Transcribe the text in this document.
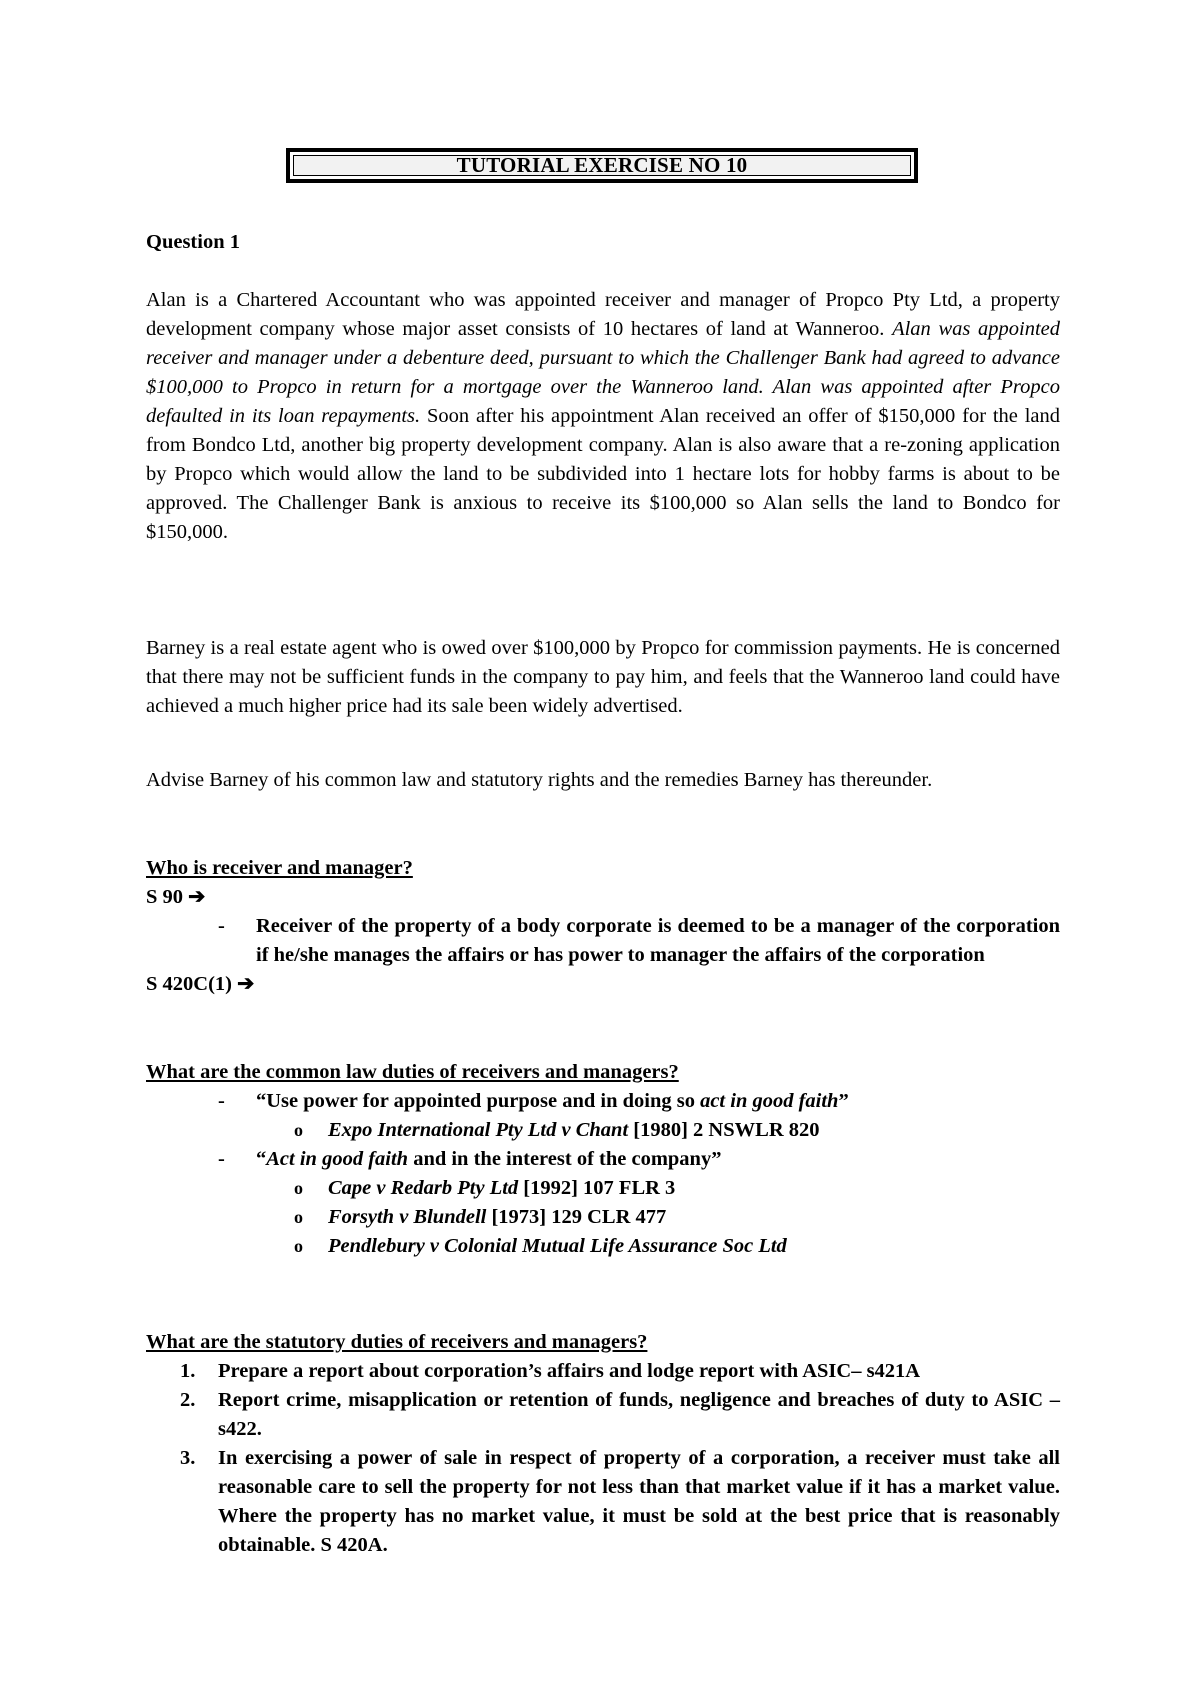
TUTORIAL EXERCISE NO 10

Question 1

Alan is a Chartered Accountant who was appointed receiver and manager of Propco Pty Ltd, a property development company whose major asset consists of 10 hectares of land at Wanneroo. Alan was appointed receiver and manager under a debenture deed, pursuant to which the Challenger Bank had agreed to advance $100,000 to Propco in return for a mortgage over the Wanneroo land. Alan was appointed after Propco defaulted in its loan repayments. Soon after his appointment Alan received an offer of $150,000 for the land from Bondco Ltd, another big property development company. Alan is also aware that a re-zoning application by Propco which would allow the land to be subdivided into 1 hectare lots for hobby farms is about to be approved. The Challenger Bank is anxious to receive its $100,000 so Alan sells the land to Bondco for $150,000.

Barney is a real estate agent who is owed over $100,000 by Propco for commission payments. He is concerned that there may not be sufficient funds in the company to pay him, and feels that the Wanneroo land could have achieved a much higher price had its sale been widely advertised.

Advise Barney of his common law and statutory rights and the remedies Barney has thereunder.

Who is receiver and manager?

S 90 ➔

- Receiver of the property of a body corporate is deemed to be a manager of the corporation if he/she manages the affairs or has power to manager the affairs of the corporation

S 420C(1) ➔

What are the common law duties of receivers and managers?

- “Use power for appointed purpose and in doing so act in good faith”

o Expo International Pty Ltd v Chant [1980] 2 NSWLR 820

- “Act in good faith and in the interest of the company”

o Cape v Redarb Pty Ltd [1992] 107 FLR 3

o Forsyth v Blundell [1973] 129 CLR 477

o Pendlebury v Colonial Mutual Life Assurance Soc Ltd

What are the statutory duties of receivers and managers?

1. Prepare a report about corporation’s affairs and lodge report with ASIC– s421A

2. Report crime, misapplication or retention of funds, negligence and breaches of duty to ASIC – s422.

3. In exercising a power of sale in respect of property of a corporation, a receiver must take all reasonable care to sell the property for not less than that market value if it has a market value. Where the property has no market value, it must be sold at the best price that is reasonably obtainable. S 420A.
